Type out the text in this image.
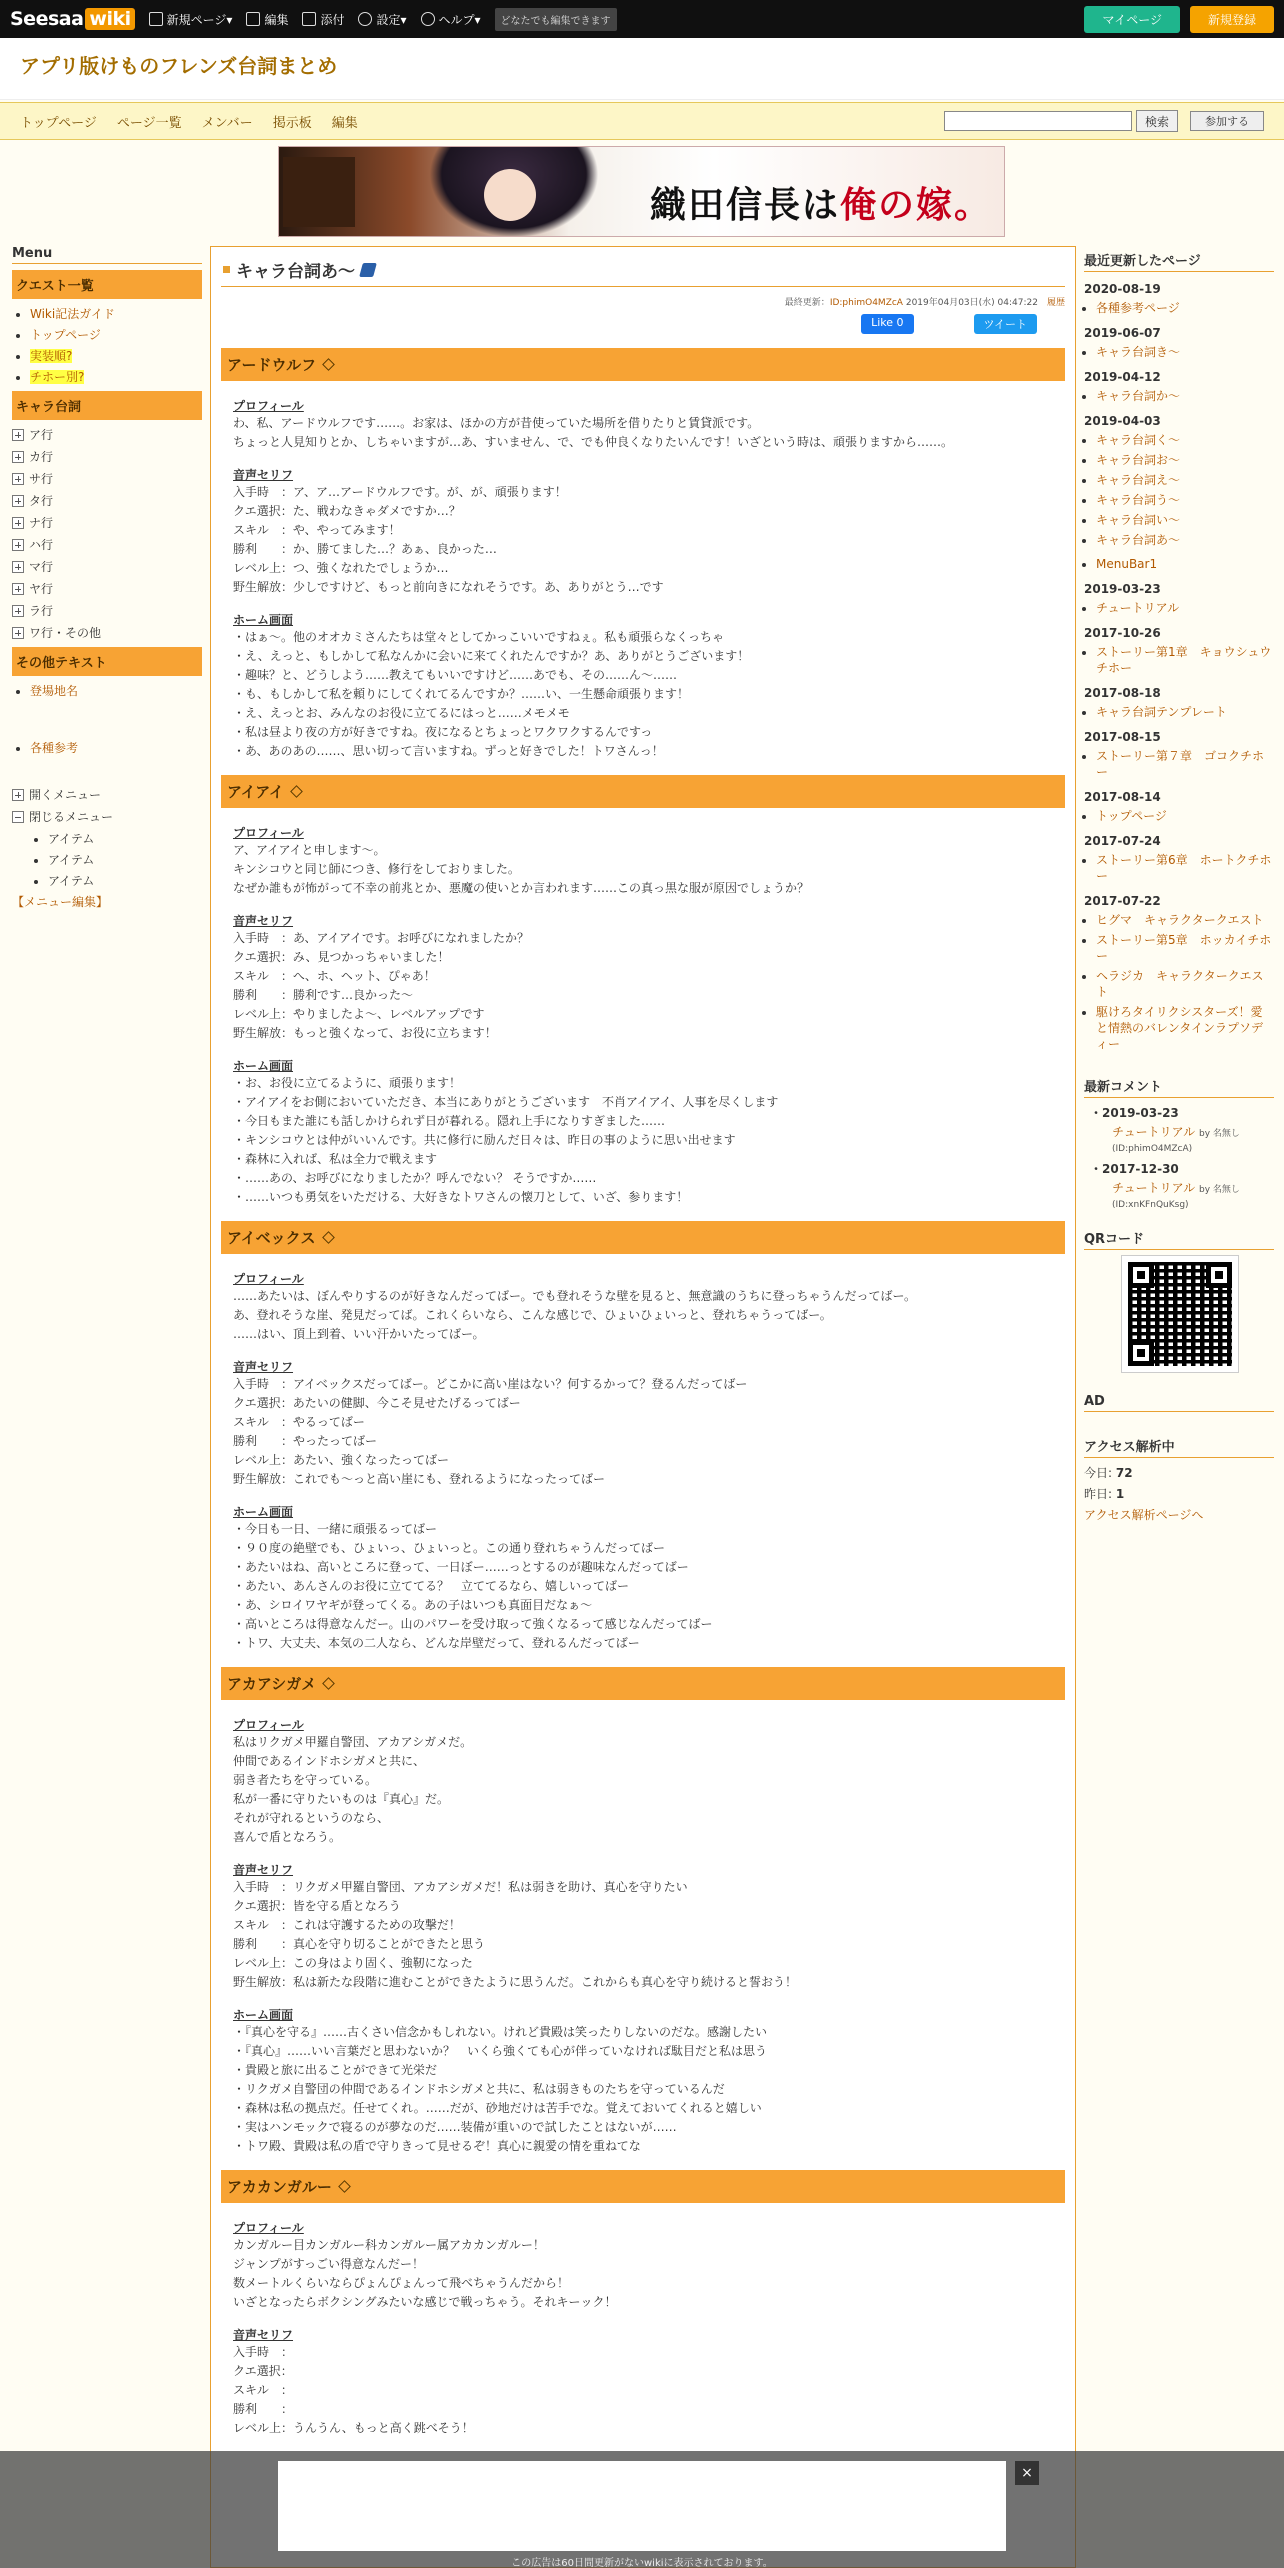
Seesaa wiki	新規ページ▾	編集	添付	設定▾	ヘルプ▾	どなたでも編集できます	マイページ	新規登録
アプリ版けものフレンズ台詞まとめ
トップページ ページ一覧 メンバー 掲示板 編集	検索	参加する
織田信長は俺の嫁。
Menu
クエスト一覧
• Wiki記法ガイド
• トップページ
• 実装順?
• チホー別?
キャラ台詞
ア行
カ行
サ行
タ行
ナ行
ハ行
マ行
ヤ行
ラ行
ワ行・その他
その他テキスト
• 登場地名
• 各種参考
開くメニュー
閉じるメニュー
• アイテム
• アイテム
• アイテム
【メニュー編集】
キャラ台詞あ～
最終更新：ID:phimO4MZcA 2019年04月03日(水) 04:47:22　 履歴
Like 0	ツイート
アードウルフ
プロフィール
わ、私、アードウルフです……。お家は、ほかの方が昔使っていた場所を借りたりと賃貸派です。
ちょっと人見知りとか、しちゃいますが…あ、すいません、で、でも仲良くなりたいんです！いざという時は、頑張りますから……。
音声セリフ
入手時　：ア、ア…アードウルフです。が、が、頑張ります！
クエ選択：た、戦わなきゃダメですか…？
スキル　：や、やってみます！
勝利　　：か、勝てました…？あぁ、良かった…
レベル上：つ、強くなれたでしょうか…
野生解放：少しですけど、もっと前向きになれそうです。あ、ありがとう…です
ホーム画面
・はぁ～。他のオオカミさんたちは堂々としてかっこいいですねぇ。私も頑張らなくっちゃ
・え、えっと、もしかして私なんかに会いに来てくれたんですか？あ、ありがとうございます！
・趣味？と、どうしよう……教えてもいいですけど……あでも、その……ん～……
・も、もしかして私を頼りにしてくれてるんですか？……い、一生懸命頑張ります！
・え、えっとお、みんなのお役に立てるにはっと……メモメモ
・私は昼より夜の方が好きですね。夜になるとちょっとワクワクするんですっ
・あ、あのあの……、思い切って言いますね。ずっと好きでした！トワさんっ！
アイアイ
プロフィール
ア、アイアイと申します～。
キンシコウと同じ師につき、修行をしておりました。
なぜか誰もが怖がって不幸の前兆とか、悪魔の使いとか言われます……この真っ黒な服が原因でしょうか？
音声セリフ
入手時　：あ、アイアイです。お呼びになれましたか？
クエ選択：み、見つかっちゃいました！
スキル　：へ、ホ、ヘット、ぴゃあ！
勝利　　：勝利です…良かった～
レベル上：やりましたよ～、レベルアップです
野生解放：もっと強くなって、お役に立ちます！
ホーム画面
・お、お役に立てるように、頑張ります！
・アイアイをお側においていただき、本当にありがとうございます　不肖アイアイ、人事を尽くします
・今日もまた誰にも話しかけられず日が暮れる。隠れ上手になりすぎました……
・キンシコウとは仲がいいんです。共に修行に励んだ日々は、昨日の事のように思い出せます
・森林に入れば、私は全力で戦えます
・……あの、お呼びになりましたか？呼んでない？ そうですか……
・……いつも勇気をいただける、大好きなトワさんの懐刀として、いざ、参ります！
アイベックス
プロフィール
……あたいは、ぼんやりするのが好きなんだってばー。でも登れそうな壁を見ると、無意識のうちに登っちゃうんだってばー。
あ、登れそうな崖、発見だってば。これくらいなら、こんな感じで、ひょいひょいっと、登れちゃうってばー。
……はい、頂上到着、いい汗かいたってばー。
音声セリフ
入手時　：アイベックスだってばー。どこかに高い崖はない？何するかって？登るんだってばー
クエ選択：あたいの健脚、今こそ見せたげるってばー
スキル　：やるってばー
勝利　　：やったってばー
レベル上：あたい、強くなったってばー
野生解放：これでも～っと高い崖にも、登れるようになったってばー
ホーム画面
・今日も一日、一緒に頑張るってばー
・９０度の絶壁でも、ひょいっ、ひょいっと。この通り登れちゃうんだってばー
・あたいはね、高いところに登って、一日ぼー……っとするのが趣味なんだってばー
・あたい、あんさんのお役に立ててる？　立ててるなら、嬉しいってばー
・あ、シロイワヤギが登ってくる。あの子はいつも真面目だなぁ～
・高いところは得意なんだー。山のパワーを受け取って強くなるって感じなんだってばー
・トワ、大丈夫、本気の二人なら、どんな岸壁だって、登れるんだってばー
アカアシガメ
プロフィール
私はリクガメ甲羅自警団、アカアシガメだ。
仲間であるインドホシガメと共に、
弱き者たちを守っている。
私が一番に守りたいものは『真心』だ。
それが守れるというのなら、
喜んで盾となろう。
音声セリフ
入手時　：リクガメ甲羅自警団、アカアシガメだ！私は弱きを助け、真心を守りたい
クエ選択：皆を守る盾となろう
スキル　：これは守護するための攻撃だ！
勝利　　：真心を守り切ることができたと思う
レベル上：この身はより固く、強靭になった
野生解放：私は新たな段階に進むことができたように思うんだ。これからも真心を守り続けると誓おう！
ホーム画面
・『真心を守る』……古くさい信念かもしれない。けれど貴殿は笑ったりしないのだな。感謝したい
・『真心』……いい言葉だと思わないか？　いくら強くても心が伴っていなければ駄目だと私は思う
・貴殿と旅に出ることができて光栄だ
・リクガメ自警団の仲間であるインドホシガメと共に、私は弱きものたちを守っているんだ
・森林は私の拠点だ。任せてくれ。……だが、砂地だけは苦手でな。覚えておいてくれると嬉しい
・実はハンモックで寝るのが夢なのだ……装備が重いので試したことはないが……
・トワ殿、貴殿は私の盾で守りきって見せるぞ！真心に親愛の情を重ねてな
アカカンガルー
プロフィール
カンガルー目カンガルー科カンガルー属アカカンガルー！
ジャンプがすっごい得意なんだー！
数メートルくらいならぴょんぴょんって飛べちゃうんだから！
いざとなったらボクシングみたいな感じで戦っちゃう。それキーック！
音声セリフ
入手時　：
クエ選択：
スキル　：
勝利　　：
レベル上：うんうん、もっと高く跳べそう！
最近更新したページ
2020-08-19
• 各種参考ページ
2019-06-07
• キャラ台詞き～
2019-04-12
• キャラ台詞か～
2019-04-03
• キャラ台詞く～
• キャラ台詞お～
• キャラ台詞え～
• キャラ台詞う～
• キャラ台詞い～
• キャラ台詞あ～
• MenuBar1
2019-03-23
• チュートリアル
2017-10-26
• ストーリー第1章　キョウシュウチホー
2017-08-18
• キャラ台詞テンプレート
2017-08-15
• ストーリー第７章　ゴコクチホー
2017-08-14
• トップページ
2017-07-24
• ストーリー第6章　ホートクチホー
2017-07-22
• ヒグマ　キャラクタークエスト
• ストーリー第5章　ホッカイチホー
• ヘラジカ　キャラクタークエスト
• 駆けろタイリクシスターズ！愛と情熱のバレンタインラプソディー
最新コメント
・2019-03-23
チュートリアル by 名無し
(ID:phimO4MZcA)
・2017-12-30
チュートリアル by 名無し
(ID:xnKFnQuKsg)
QRコード
AD
アクセス解析中
今日: 72
昨日: 1
アクセス解析ページへ
×
この広告は60日間更新がないwikiに表示されております。
